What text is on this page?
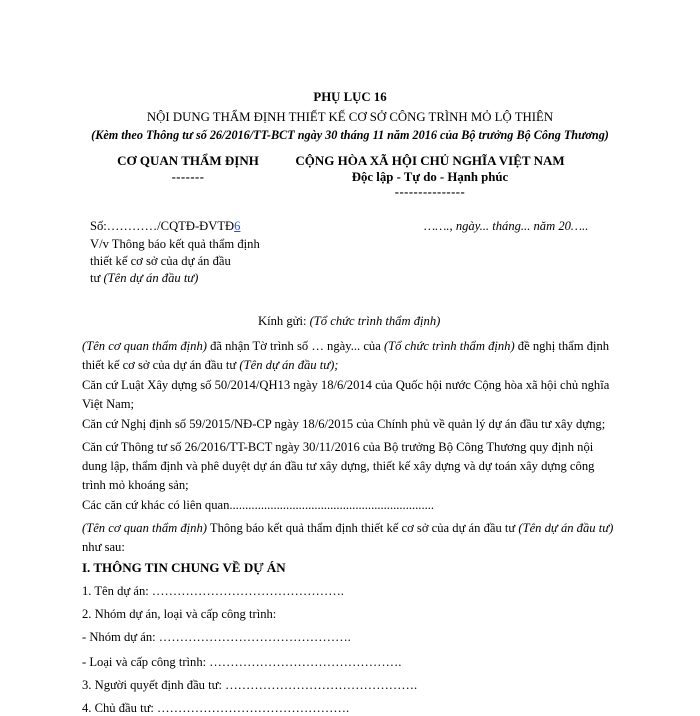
PHỤ LỤC 16
NỘI DUNG THẨM ĐỊNH THIẾT KẾ CƠ SỞ CÔNG TRÌNH MỎ LỘ THIÊN
(Kèm theo Thông tư số 26/2016/TT-BCT ngày 30 tháng 11 năm 2016 của Bộ trưởng Bộ Công Thương)
CƠ QUAN THẨM ĐỊNH
-------
CỘNG HÒA XÃ HỘI CHỦ NGHĨA VIỆT NAM
Độc lập - Tự do - Hạnh phúc
---------------
Số:…………/CQTĐ-ĐVTĐ6	……., ngày... tháng... năm 20…..
V/v Thông báo kết quả thẩm định
thiết kế cơ sở của dự án đầu
tư (Tên dự án đầu tư)
Kính gửi: (Tổ chức trình thẩm định)
(Tên cơ quan thẩm định) đã nhận Tờ trình số … ngày... của (Tổ chức trình thẩm định) đề nghị thẩm định thiết kế cơ sở của dự án đầu tư (Tên dự án đầu tư);
Căn cứ Luật Xây dựng số 50/2014/QH13 ngày 18/6/2014 của Quốc hội nước Cộng hòa xã hội chủ nghĩa Việt Nam;
Căn cứ Nghị định số 59/2015/NĐ-CP ngày 18/6/2015 của Chính phủ về quản lý dự án đầu tư xây dựng;
Căn cứ Thông tư số 26/2016/TT-BCT ngày 30/11/2016 của Bộ trưởng Bộ Công Thương quy định nội dung lập, thẩm định và phê duyệt dự án đầu tư xây dựng, thiết kế xây dựng và dự toán xây dựng công trình mỏ khoáng sản;
Các căn cứ khác có liên quan.................................................................
(Tên cơ quan thẩm định) Thông báo kết quả thẩm định thiết kế cơ sở của dự án đầu tư (Tên dự án đầu tư) như sau:
I. THÔNG TIN CHUNG VỀ DỰ ÁN
1. Tên dự án: ……………………………………….
2. Nhóm dự án, loại và cấp công trình:
- Nhóm dự án: ……………………………………….
- Loại và cấp công trình: ……………………………………….
3. Người quyết định đầu tư: ……………………………………….
4. Chủ đầu tư: ……………………………………….
